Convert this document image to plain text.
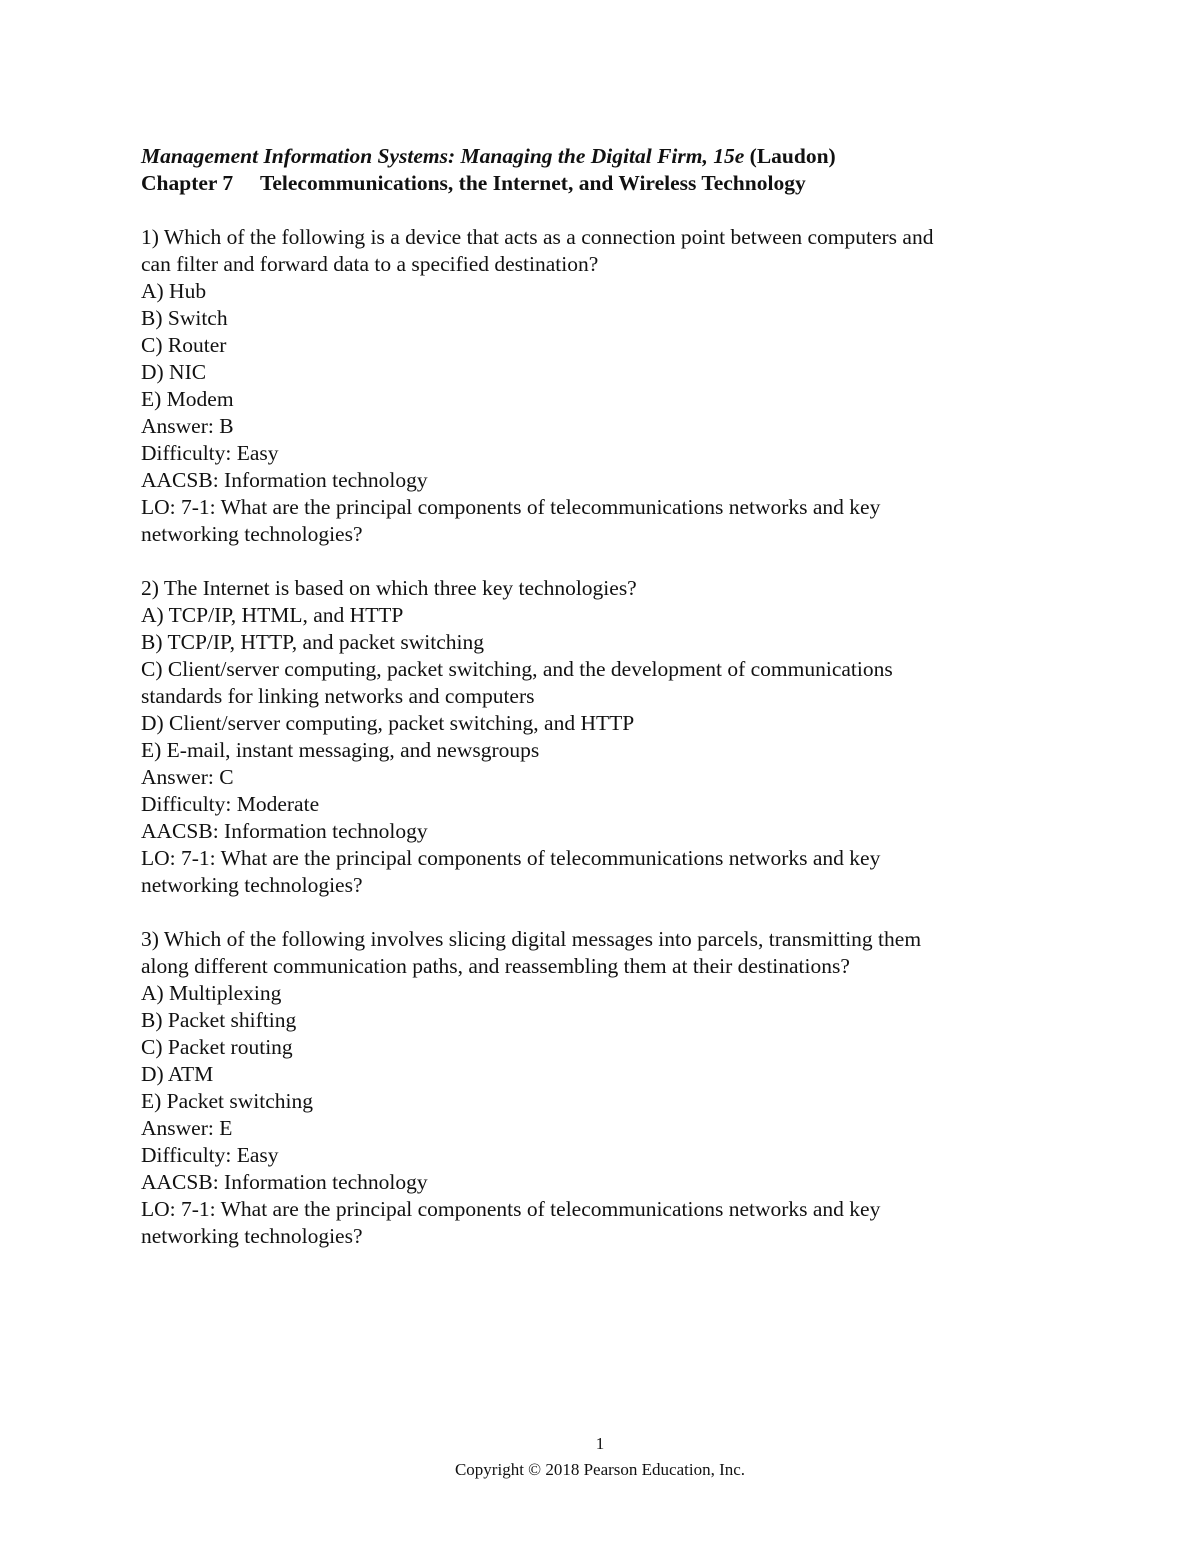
Management Information Systems: Managing the Digital Firm, 15e (Laudon)
Chapter 7 Telecommunications, the Internet, and Wireless Technology
1) Which of the following is a device that acts as a connection point between computers and
can filter and forward data to a specified destination?
A) Hub
B) Switch
C) Router
D) NIC
E) Modem
Answer: B
Difficulty: Easy
AACSB: Information technology
LO: 7-1: What are the principal components of telecommunications networks and key
networking technologies?
2) The Internet is based on which three key technologies?
A) TCP/IP, HTML, and HTTP
B) TCP/IP, HTTP, and packet switching
C) Client/server computing, packet switching, and the development of communications
standards for linking networks and computers
D) Client/server computing, packet switching, and HTTP
E) E-mail, instant messaging, and newsgroups
Answer: C
Difficulty: Moderate
AACSB: Information technology
LO: 7-1: What are the principal components of telecommunications networks and key
networking technologies?
3) Which of the following involves slicing digital messages into parcels, transmitting them
along different communication paths, and reassembling them at their destinations?
A) Multiplexing
B) Packet shifting
C) Packet routing
D) ATM
E) Packet switching
Answer: E
Difficulty: Easy
AACSB: Information technology
LO: 7-1: What are the principal components of telecommunications networks and key
networking technologies?
1
Copyright © 2018 Pearson Education, Inc.
